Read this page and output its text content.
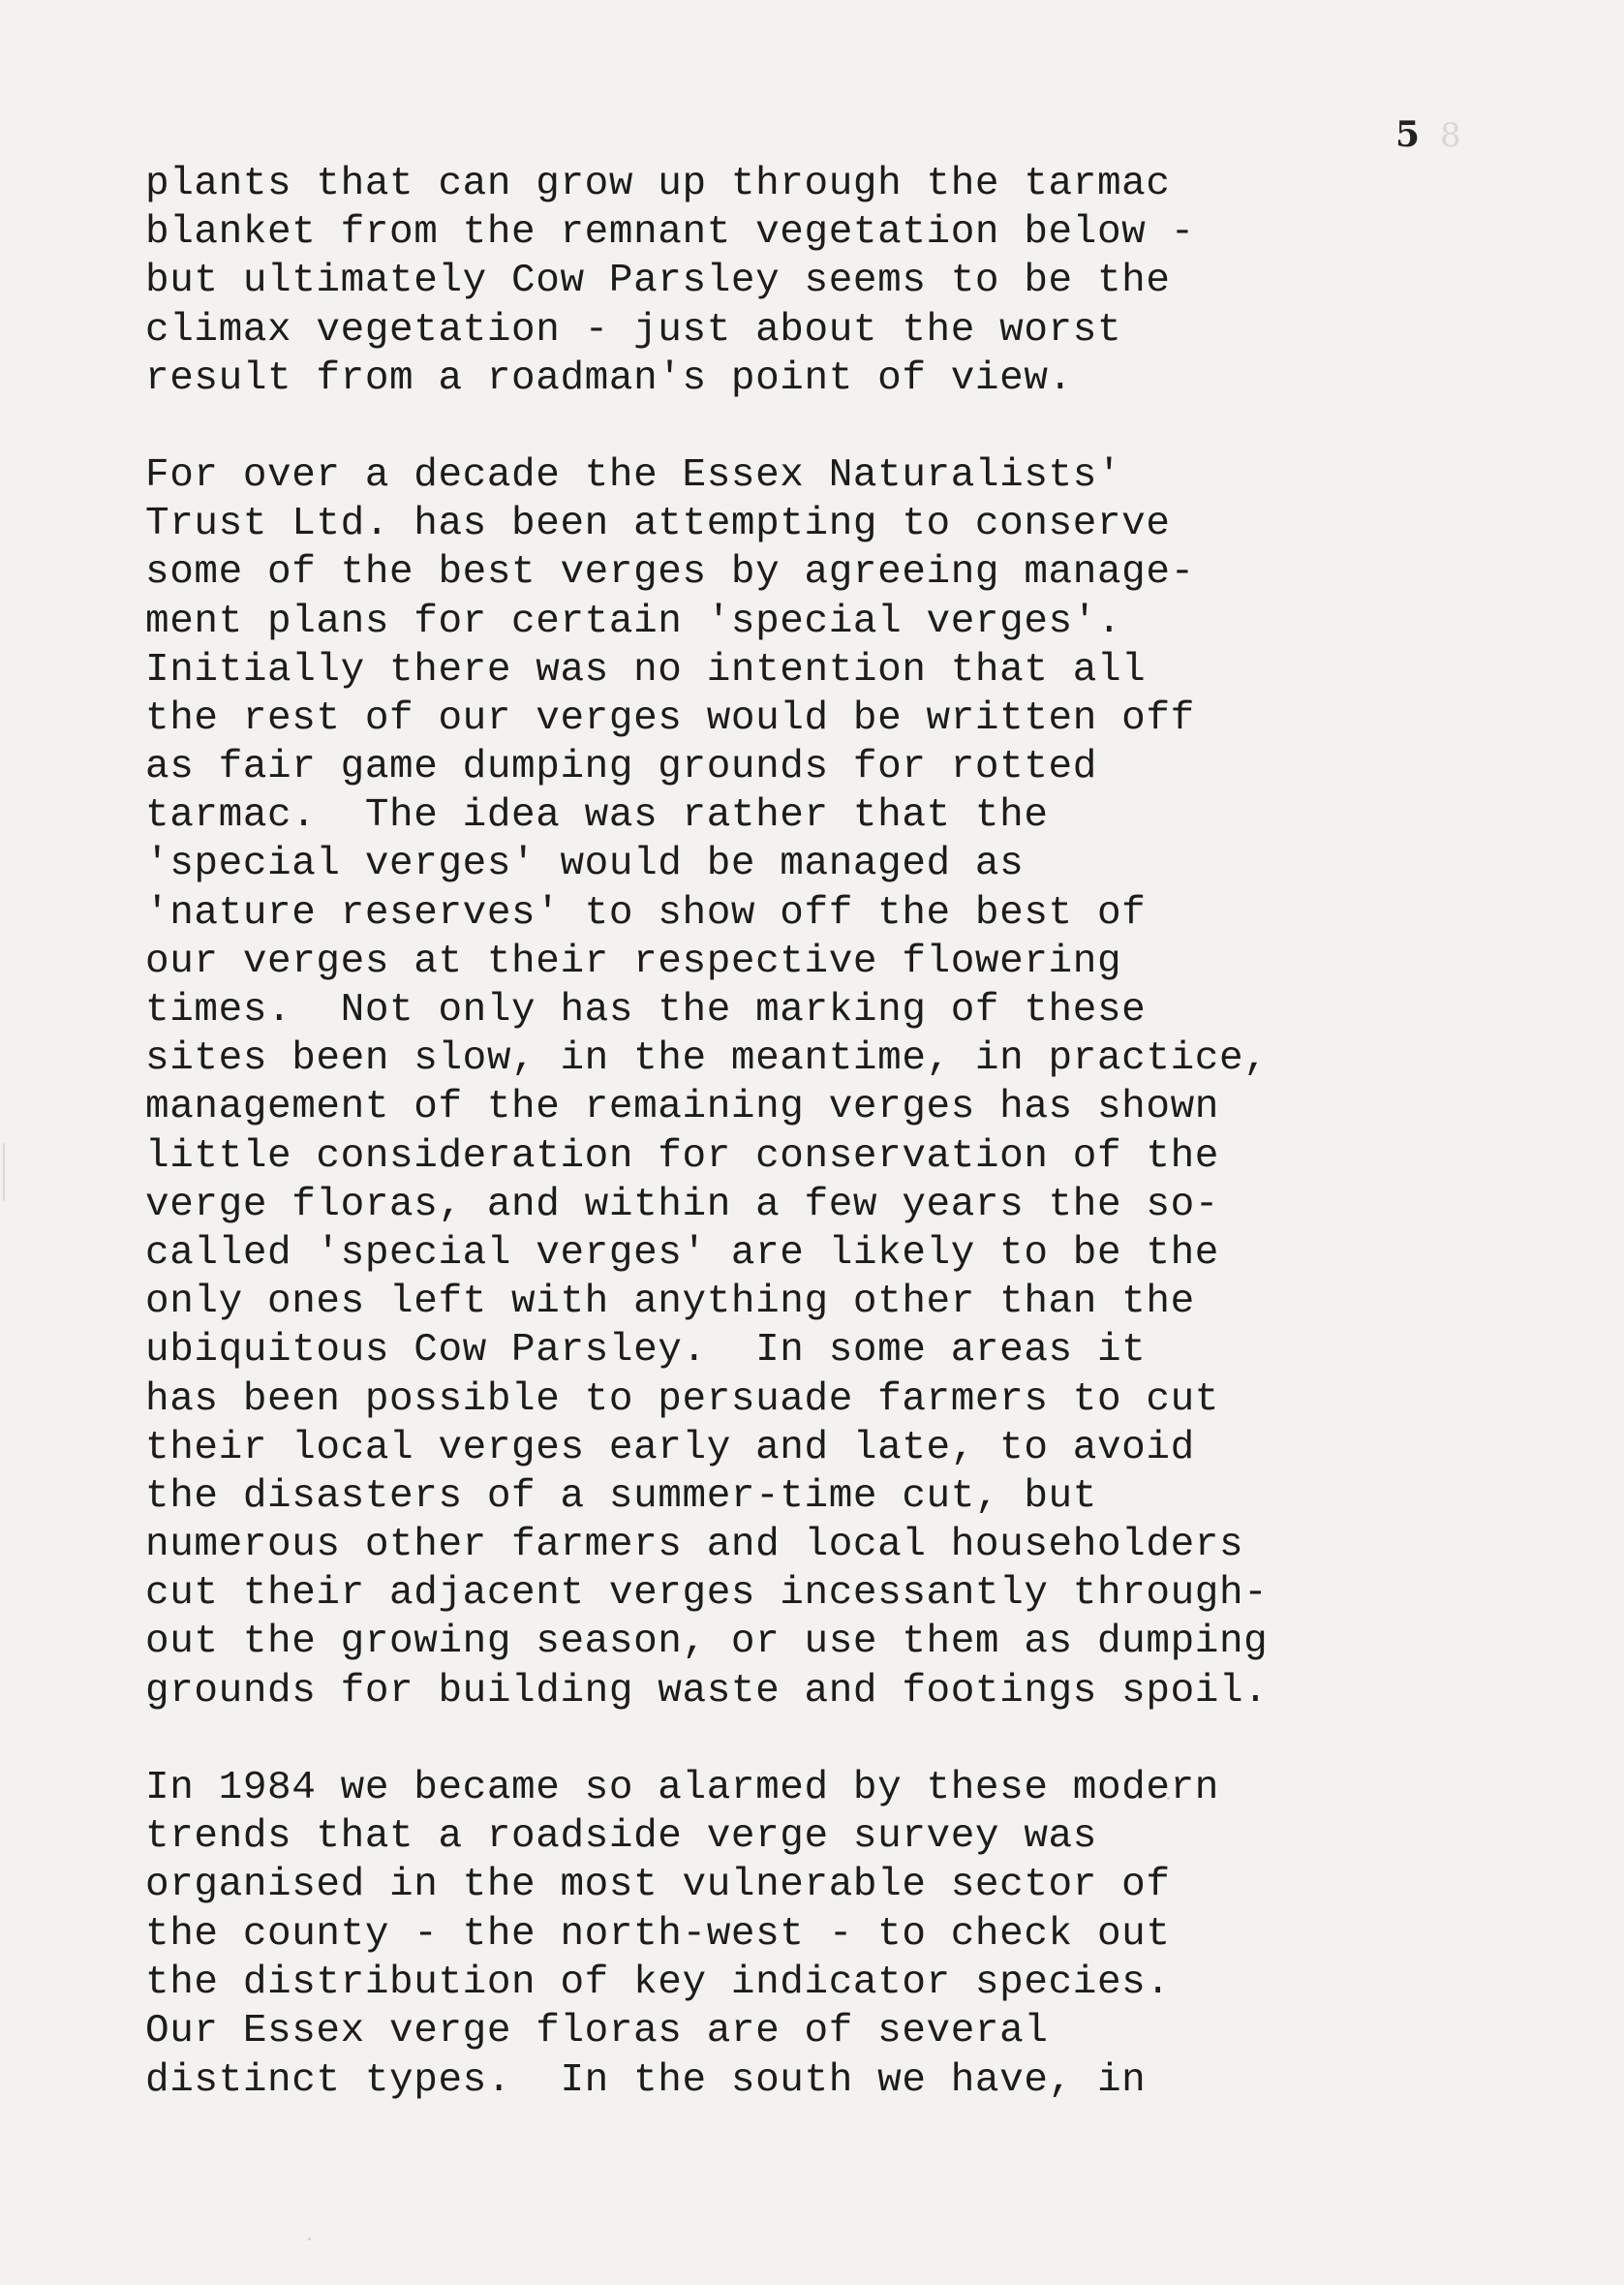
8
5
plants that can grow up through the tarmac
blanket from the remnant vegetation below -
but ultimately Cow Parsley seems to be the
climax vegetation - just about the worst
result from a roadman's point of view.
For over a decade the Essex Naturalists'
Trust Ltd. has been attempting to conserve
some of the best verges by agreeing manage-
ment plans for certain 'special verges'.
Initially there was no intention that all
the rest of our verges would be written off
as fair game dumping grounds for rotted
tarmac.  The idea was rather that the
'special verges' would be managed as
'nature reserves' to show off the best of
our verges at their respective flowering
times.  Not only has the marking of these
sites been slow, in the meantime, in practice,
management of the remaining verges has shown
little consideration for conservation of the
verge floras, and within a few years the so-
called 'special verges' are likely to be the
only ones left with anything other than the
ubiquitous Cow Parsley.  In some areas it
has been possible to persuade farmers to cut
their local verges early and late, to avoid
the disasters of a summer-time cut, but
numerous other farmers and local householders
cut their adjacent verges incessantly through-
out the growing season, or use them as dumping
grounds for building waste and footings spoil.
In 1984 we became so alarmed by these modern
trends that a roadside verge survey was
organised in the most vulnerable sector of
the county - the north-west - to check out
the distribution of key indicator species.
Our Essex verge floras are of several
distinct types.  In the south we have, in
